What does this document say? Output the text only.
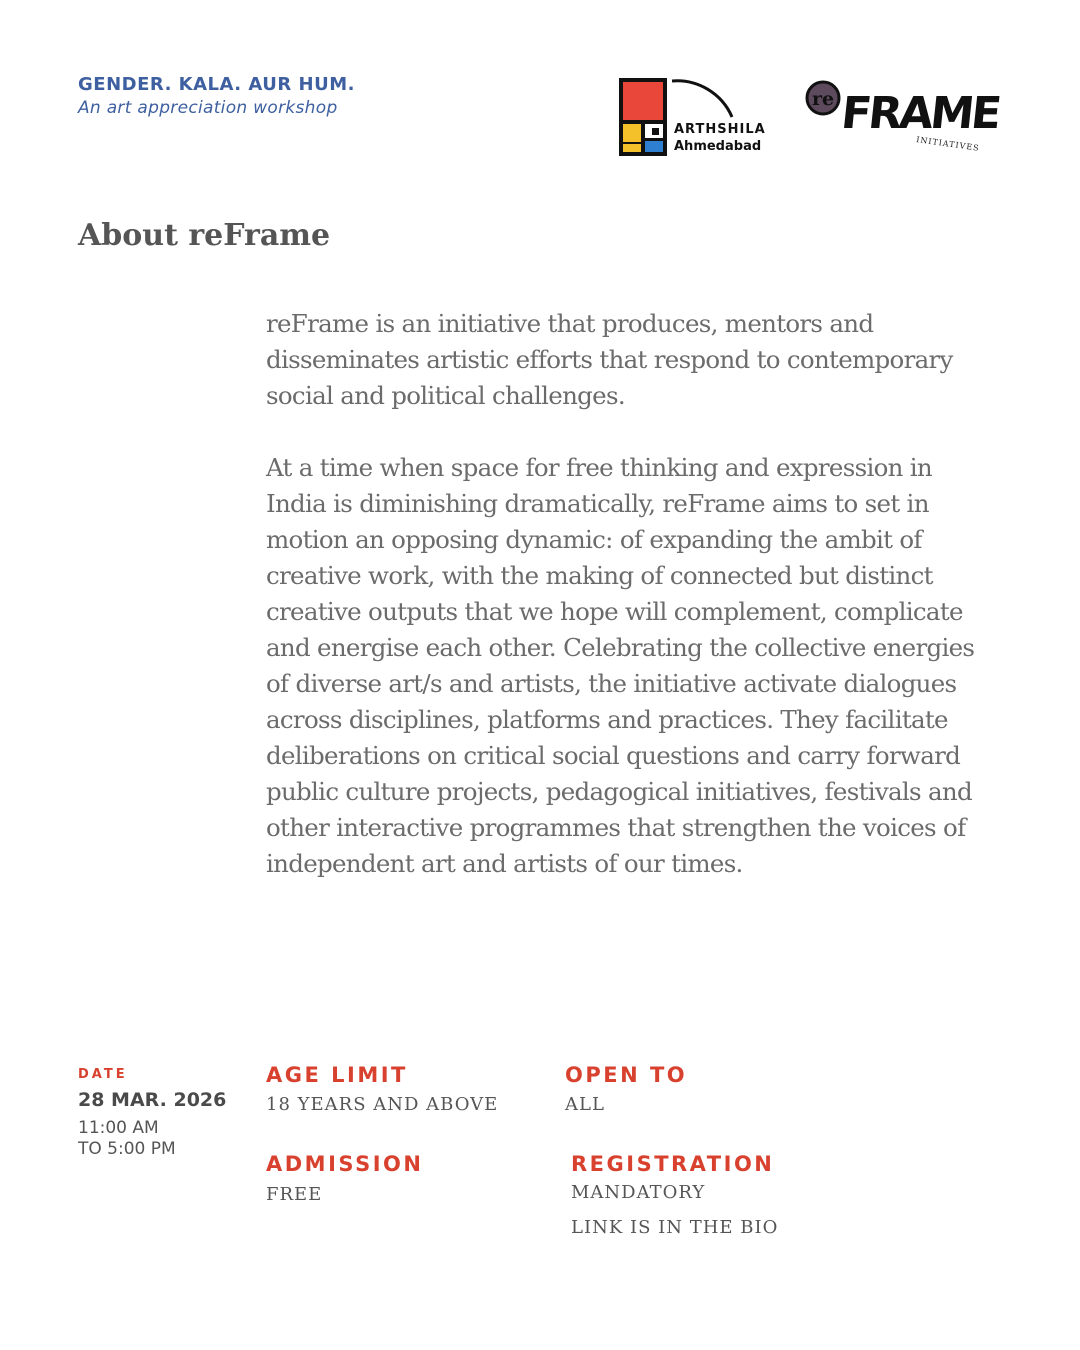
GENDER. KALA. AUR HUM.
An art appreciation workshop
ARTHSHILA
Ahmedabad
re FRAME
INITIATIVES
About reFrame

reFrame is an initiative that produces, mentors and disseminates artistic efforts that respond to contemporary social and political challenges.

At a time when space for free thinking and expression in India is diminishing dramatically, reFrame aims to set in motion an opposing dynamic: of expanding the ambit of creative work, with the making of connected but distinct creative outputs that we hope will complement, complicate and energise each other. Celebrating the collective energies of diverse art/s and artists, the initiative activate dialogues across disciplines, platforms and practices. They facilitate deliberations on critical social questions and carry forward public culture projects, pedagogical initiatives, festivals and other interactive programmes that strengthen the voices of independent art and artists of our times.

DATE
28 MAR. 2026
11:00 AM
TO 5:00 PM
AGE LIMIT
18 YEARS AND ABOVE
OPEN TO
ALL
ADMISSION
FREE
REGISTRATION
MANDATORY
LINK IS IN THE BIO
